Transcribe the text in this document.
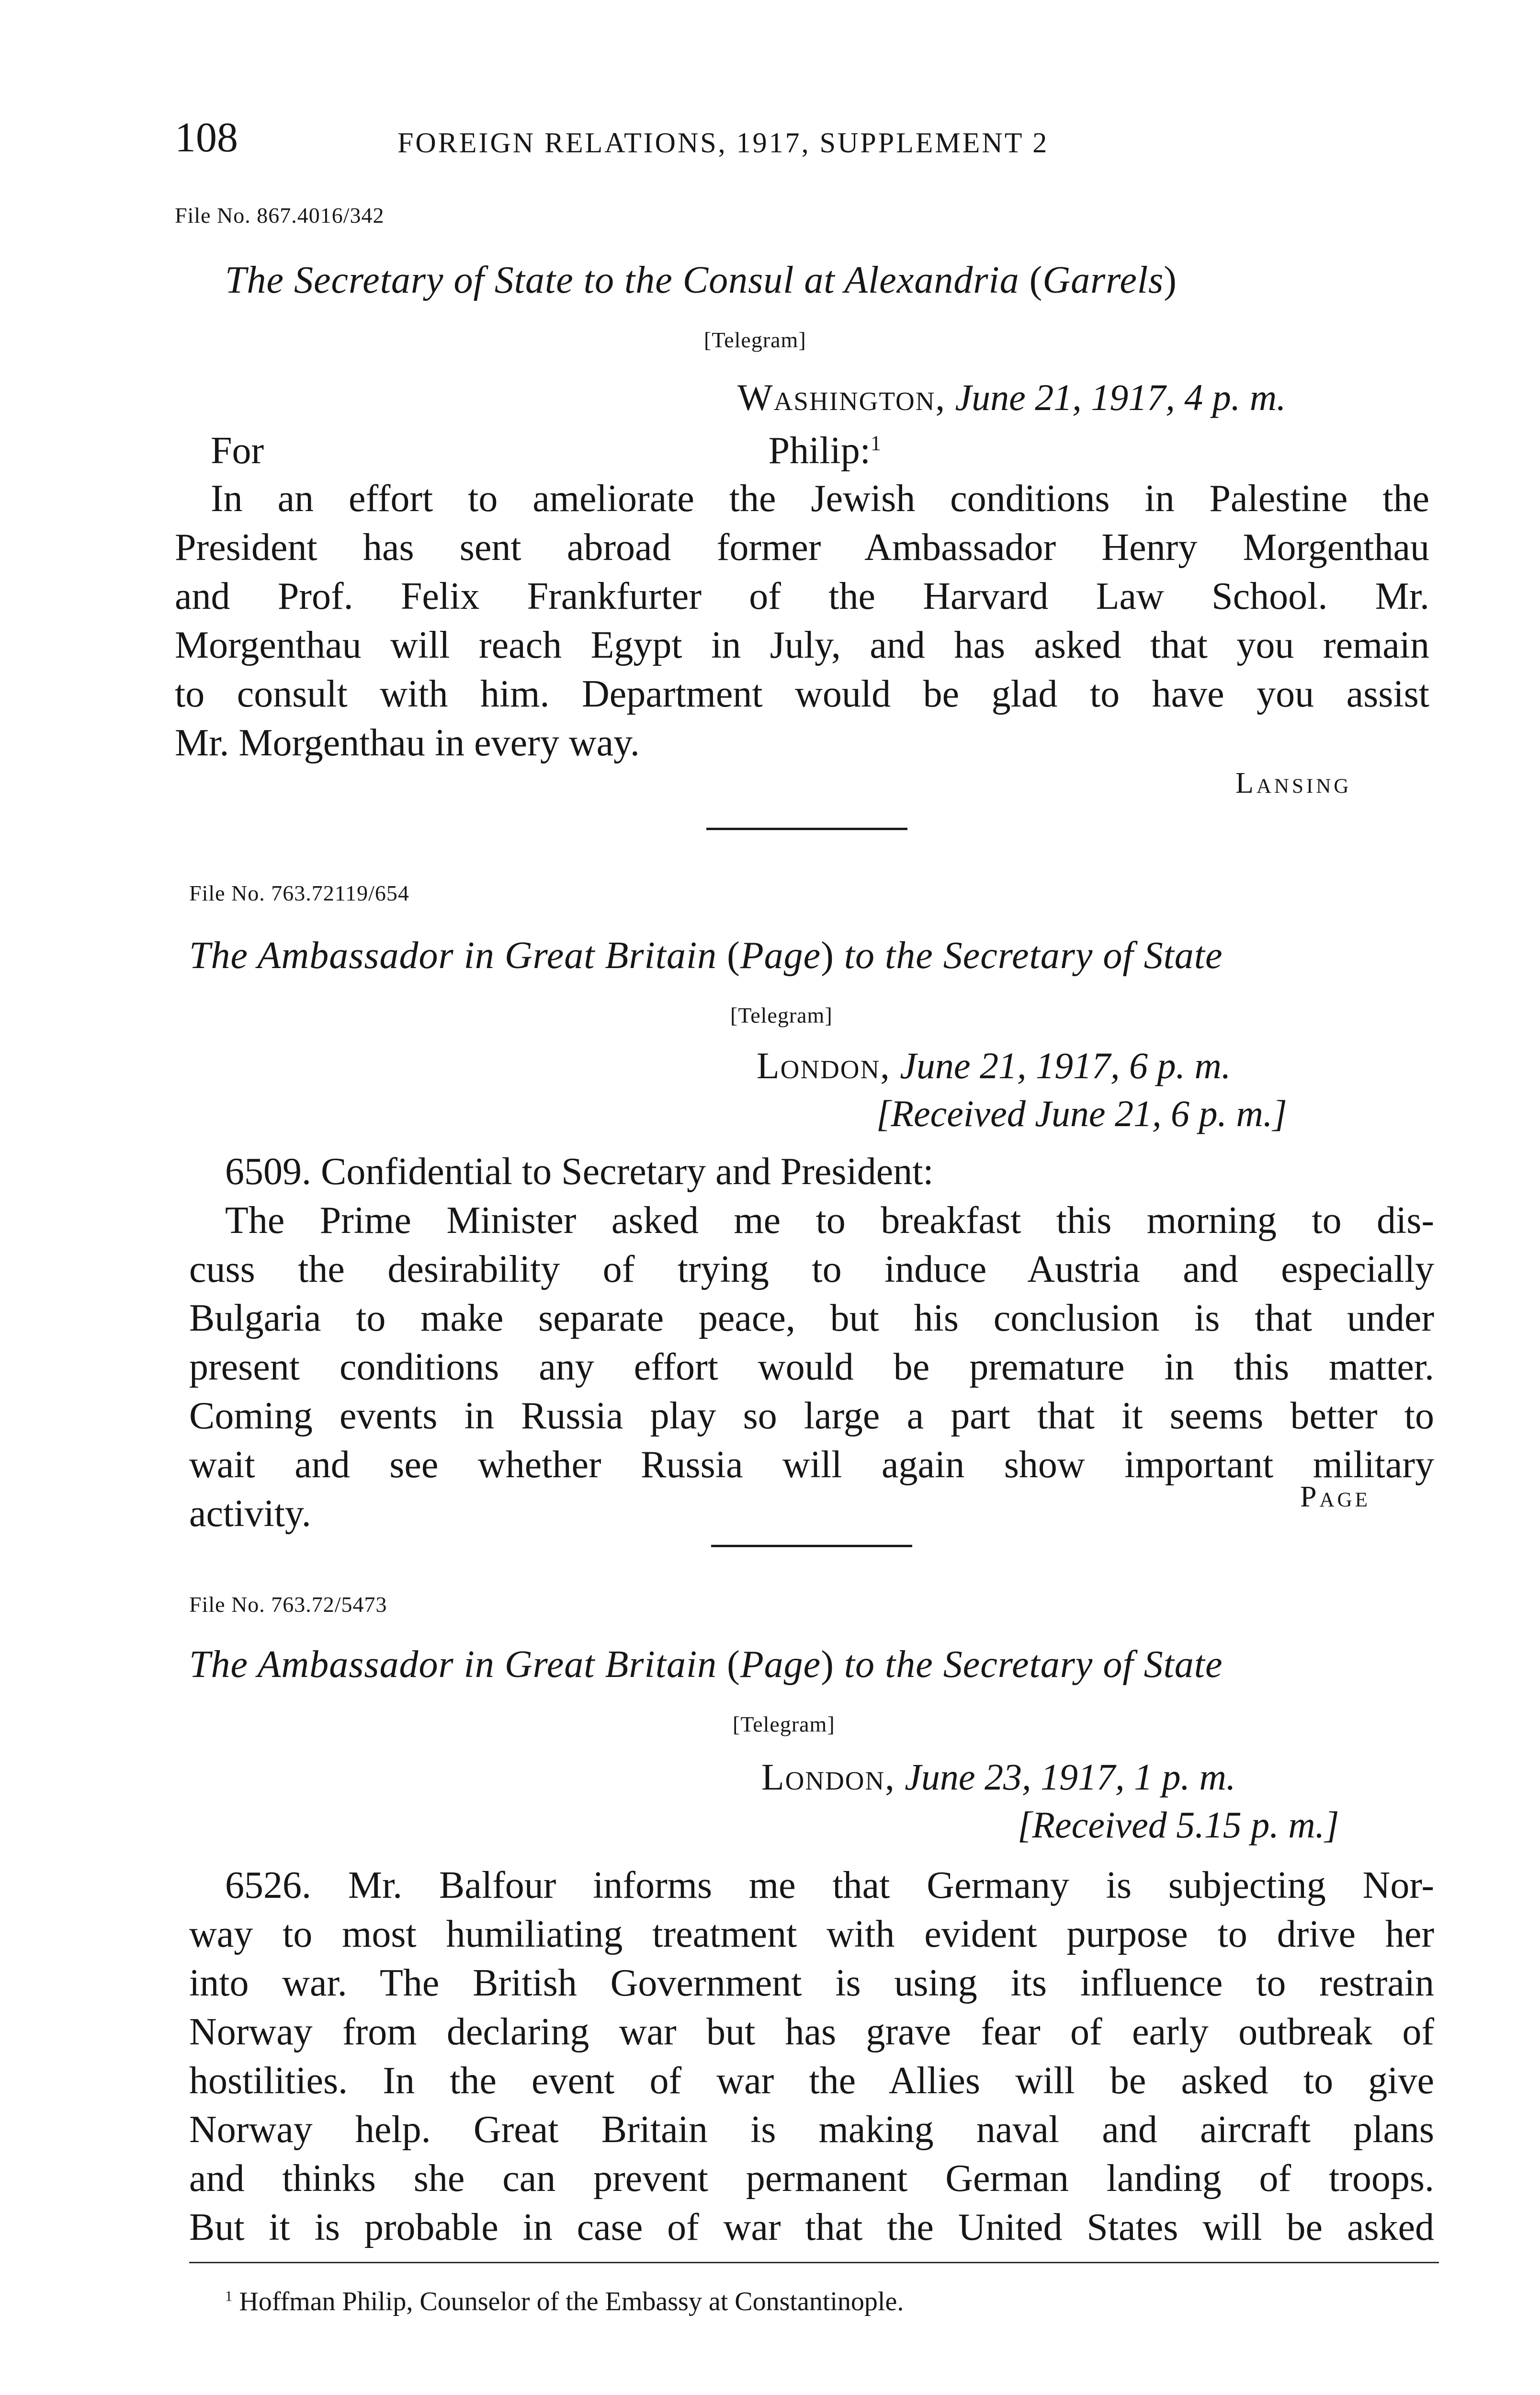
108	FOREIGN RELATIONS, 1917, SUPPLEMENT 2
File No. 867.4016/342
The Secretary of State to the Consul at Alexandria (Garrels)
[Telegram]
Washington, June 21, 1917, 4 p. m.
For Philip:$^1$
In an effort to ameliorate the Jewish conditions in Palestine the
President has sent abroad former Ambassador Henry Morgenthau
and Prof. Felix Frankfurter of the Harvard Law School. Mr.
Morgenthau will reach Egypt in July, and has asked that you remain
to consult with him. Department would be glad to have you assist
Mr. Morgenthau in every way.
Lansing
File No. 763.72119/654
The Ambassador in Great Britain (Page) to the Secretary of State
[Telegram]
London, June 21, 1917, 6 p. m.
[Received June 21, 6 p. m.]
6509. Confidential to Secretary and President:
The Prime Minister asked me to breakfast this morning to dis-
cuss the desirability of trying to induce Austria and especially
Bulgaria to make separate peace, but his conclusion is that under
present conditions any effort would be premature in this matter.
Coming events in Russia play so large a part that it seems better to
wait and see whether Russia will again show important military
activity.	Page
File No. 763.72/5473
The Ambassador in Great Britain (Page) to the Secretary of State
[Telegram]
London, June 23, 1917, 1 p. m.
[Received 5.15 p. m.]
6526. Mr. Balfour informs me that Germany is subjecting Nor-
way to most humiliating treatment with evident purpose to drive her
into war. The British Government is using its influence to restrain
Norway from declaring war but has grave fear of early outbreak of
hostilities. In the event of war the Allies will be asked to give
Norway help. Great Britain is making naval and aircraft plans
and thinks she can prevent permanent German landing of troops.
But it is probable in case of war that the United States will be asked
$^1$ Hoffman Philip, Counselor of the Embassy at Constantinople.
